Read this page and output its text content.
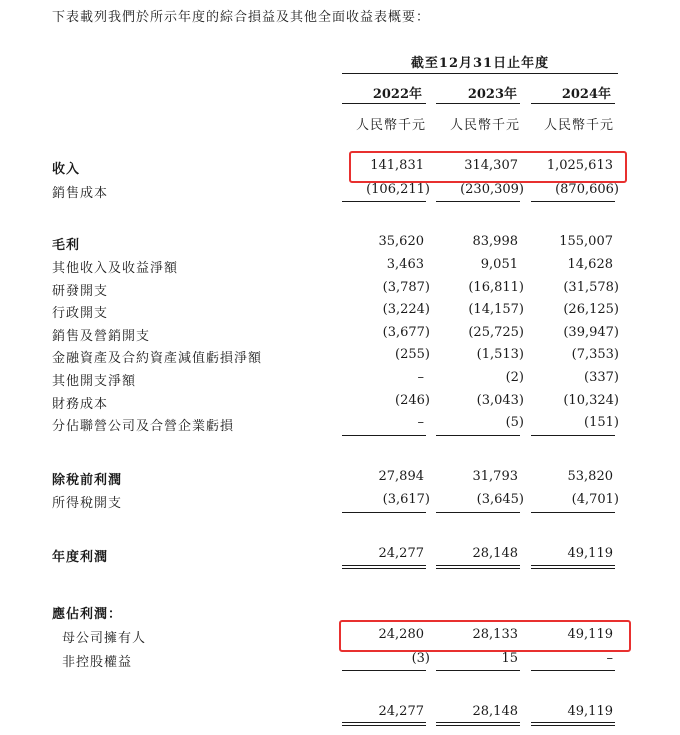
下表載列我們於所示年度的綜合損益及其他全面收益表概要：
截至12月31日止年度
2022年	2023年	2024年
人民幣千元	人民幣千元	人民幣千元
收入	141,831	314,307	1,025,613
銷售成本	(106,211)	(230,309)	(870,606)
毛利	35,620	83,998	155,007
其他收入及收益淨額	3,463	9,051	14,628
研發開支	(3,787)	(16,811)	(31,578)
行政開支	(3,224)	(14,157)	(26,125)
銷售及營銷開支	(3,677)	(25,725)	(39,947)
金融資產及合約資產減值虧損淨額	(255)	(1,513)	(7,353)
其他開支淨額	–	(2)	(337)
財務成本	(246)	(3,043)	(10,324)
分佔聯營公司及合營企業虧損	–	(5)	(151)
除稅前利潤	27,894	31,793	53,820
所得稅開支	(3,617)	(3,645)	(4,701)
年度利潤	24,277	28,148	49,119
應佔利潤：
母公司擁有人	24,280	28,133	49,119
非控股權益	(3)	15	–
24,277	28,148	49,119
